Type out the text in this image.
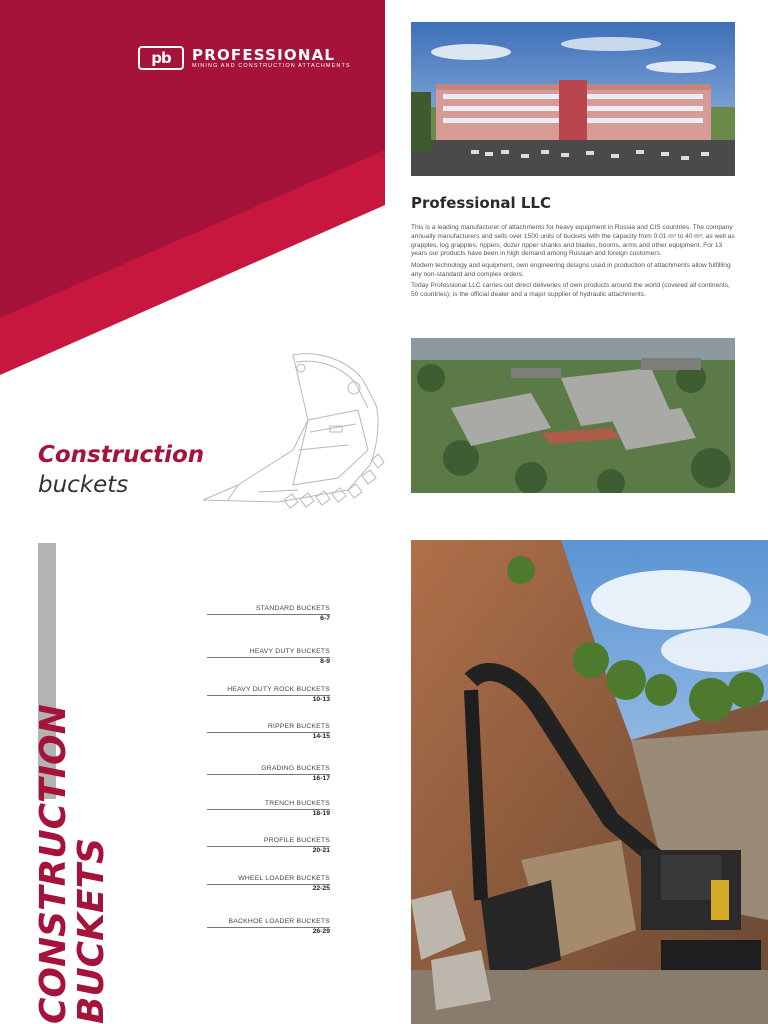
pb	PROFESSIONAL
MINING AND CONSTRUCTION ATTACHMENTS
Professional LLC

This is a leading manufacturer of attachments for heavy equipment in Russia and CIS countries. The company annually manufacturers and sells over 1500 units of buckets with the capacity from 0.01 m³ to 40 m³, as well as grapples, log grapples, rippers, dozer ripper shanks and blades, booms, arms and other equipment. For 13 years our products have been in high demand among Russian and foreign customers.

Modern technology and equipment, own engineering designs used in production of attachments allow fulfilling any non-standard and complex orders.

Today Professional LLC carries out direct deliveries of own products around the world (covered all continents, 50 countries); is the official dealer and a major supplier of hydraulic attachments.

Construction
buckets
CONSTRUCTION
BUCKETS
STANDARD BUCKETS
6-7
HEAVY DUTY BUCKETS
8-9
HEAVY DUTY ROCK BUCKETS
10-13
RIPPER BUCKETS
14-15
GRADING BUCKETS
16-17
TRENCH BUCKETS
18-19
PROFILE BUCKETS
20-21
WHEEL LOADER BUCKETS
22-25
BACKHOE LOADER BUCKETS
26-29
